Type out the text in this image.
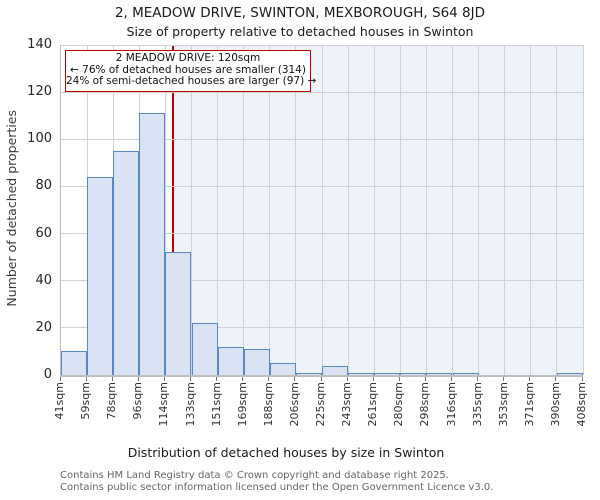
2, MEADOW DRIVE, SWINTON, MEXBOROUGH, S64 8JD
Size of property relative to detached houses in Swinton
Number of detached properties
2 MEADOW DRIVE: 120sqm
← 76% of detached houses are smaller (314)
24% of semi-detached houses are larger (97) →
Distribution of detached houses by size in Swinton
Contains HM Land Registry data © Crown copyright and database right 2025.
Contains public sector information licensed under the Open Government Licence v3.0.
0
20
40
60
80
100
120
140
41sqm 59sqm 78sqm 96sqm 114sqm 133sqm 151sqm 169sqm 188sqm 206sqm 225sqm 243sqm 261sqm 280sqm 298sqm 316sqm 335sqm 353sqm 371sqm 390sqm 408sqm
